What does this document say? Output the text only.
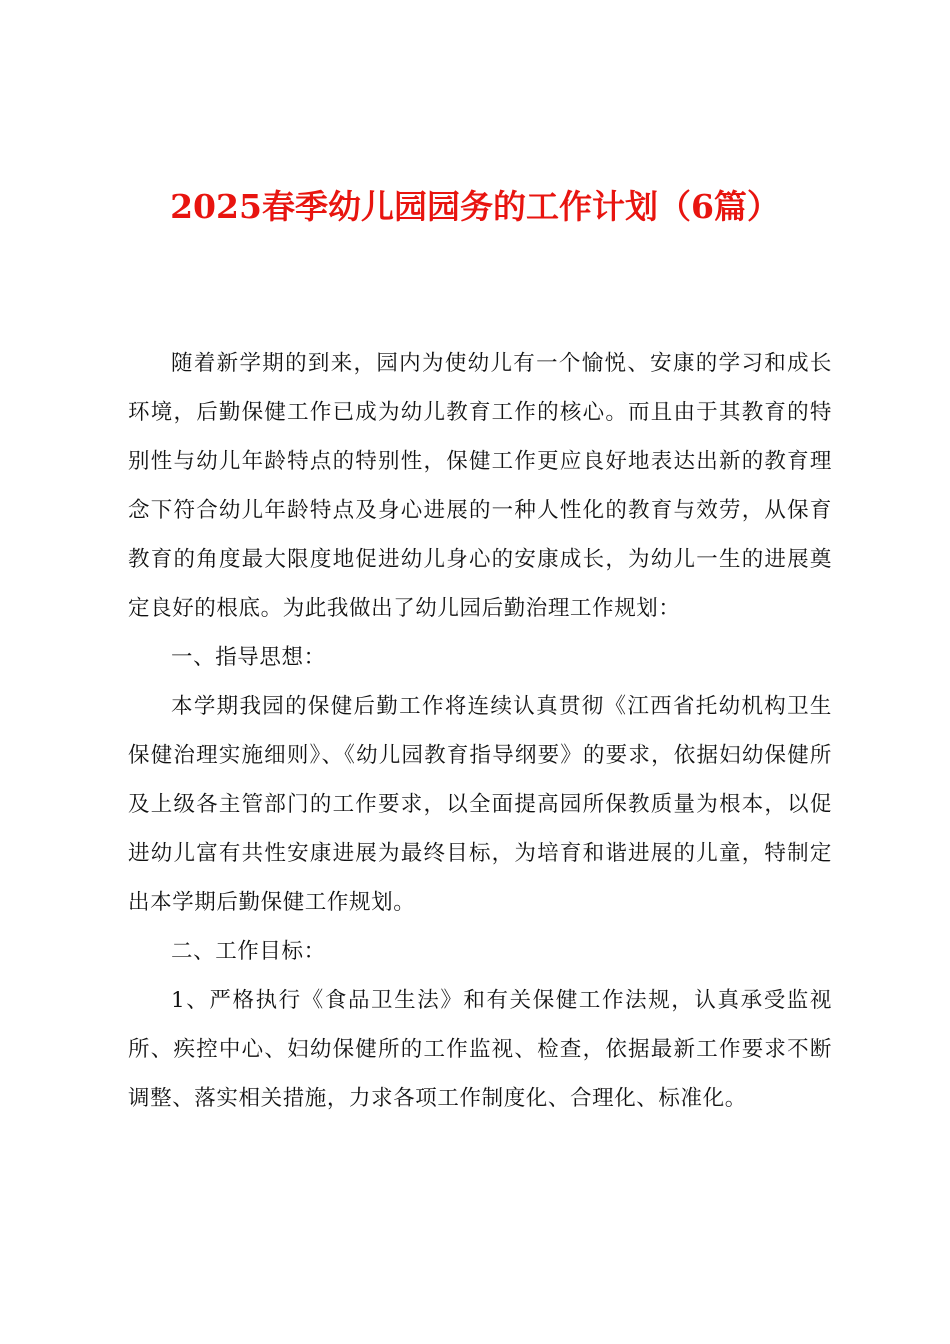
2025春季幼儿园园务的工作计划（6篇）

随着新学期的到来，园内为使幼儿有一个愉悦、安康的学习和成长环境，后勤保健工作已成为幼儿教育工作的核心。而且由于其教育的特别性与幼儿年龄特点的特别性，保健工作更应良好地表达出新的教育理念下符合幼儿年龄特点及身心进展的一种人性化的教育与效劳，从保育教育的角度最大限度地促进幼儿身心的安康成长，为幼儿一生的进展奠定良好的根底。为此我做出了幼儿园后勤治理工作规划：

一、指导思想：

本学期我园的保健后勤工作将连续认真贯彻《江西省托幼机构卫生保健治理实施细则》、《幼儿园教育指导纲要》的要求，依据妇幼保健所及上级各主管部门的工作要求，以全面提高园所保教质量为根本，以促进幼儿富有共性安康进展为最终目标，为培育和谐进展的儿童，特制定出本学期后勤保健工作规划。

二、工作目标：

1、严格执行《食品卫生法》和有关保健工作法规，认真承受监视所、疾控中心、妇幼保健所的工作监视、检查，依据最新工作要求不断调整、落实相关措施，力求各项工作制度化、合理化、标准化。
